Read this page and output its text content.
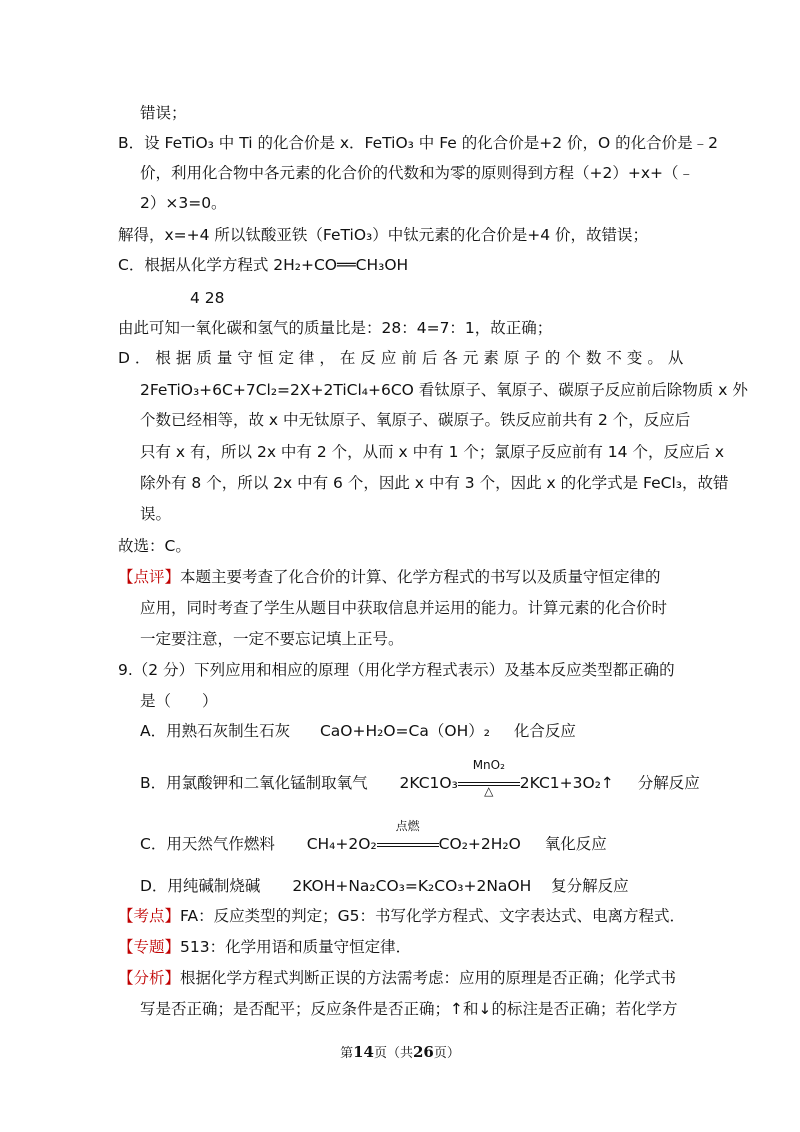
错误；
B．设 FeTiO₃ 中 Ti 的化合价是 x．FeTiO₃ 中 Fe 的化合价是+2 价，O 的化合价是﹣2
价，利用化合物中各元素的化合价的代数和为零的原则得到方程（+2）+x+（﹣
2）×3=0。
解得，x=+4 所以钛酸亚铁（FeTiO₃）中钛元素的化合价是+4 价，故错误；
C．根据从化学方程式 2H₂+CO══CH₃OH
4 28
由此可知一氧化碳和氢气的质量比是：28：4=7：1，故正确；
D．根据质量守恒定律，在反应前后各元素原子的个数不变。从
2FeTiO₃+6C+7Cl₂=2X+2TiCl₄+6CO 看钛原子、氧原子、碳原子反应前后除物质 x 外
个数已经相等，故 x 中无钛原子、氧原子、碳原子。铁反应前共有 2 个，反应后
只有 x 有，所以 2x 中有 2 个，从而 x 中有 1 个；氯原子反应前有 14 个，反应后 x
除外有 8 个，所以 2x 中有 6 个，因此 x 中有 3 个，因此 x 的化学式是 FeCl₃，故错
误。
故选：C。
【点评】本题主要考查了化合价的计算、化学方程式的书写以及质量守恒定律的
应用，同时考查了学生从题目中获取信息并运用的能力。计算元素的化合价时
一定要注意，一定不要忘记填上正号。
9.（2 分）下列应用和相应的原理（用化学方程式表示）及基本反应类型都正确的
是（　　）
A．用熟石灰制生石灰 CaO+H₂O=Ca（OH）₂ 化合反应
B．用氯酸钾和二氧化锰制取氧气 2KC1O₃
MnO₂
△	2KC1+3O₂↑ 分解反应
C．用天然气作燃料 CH₄+2O₂
点燃
CO₂+2H₂O 氧化反应
D．用纯碱制烧碱 2KOH+Na₂CO₃=K₂CO₃+2NaOH 复分解反应
【考点】FA：反应类型的判定；G5：书写化学方程式、文字表达式、电离方程式．
【专题】513：化学用语和质量守恒定律．
【分析】根据化学方程式判断正误的方法需考虑：应用的原理是否正确；化学式书
写是否正确；是否配平；反应条件是否正确；↑和↓的标注是否正确；若化学方
第14页（共26页）
